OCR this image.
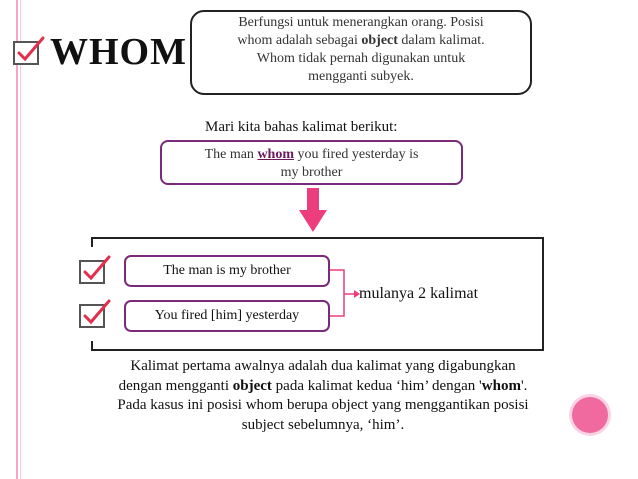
WHOM
Berfungsi untuk menerangkan orang. Posisi
whom adalah sebagai object dalam kalimat.
Whom tidak pernah digunakan untuk
mengganti subyek.
Mari kita bahas kalimat berikut:
The man whom you fired yesterday is
my brother
The man is my brother
You fired [him] yesterday
mulanya 2 kalimat
Kalimat pertama awalnya adalah dua kalimat yang digabungkan
dengan mengganti object pada kalimat kedua ‘him’ dengan 'whom'.
Pada kasus ini posisi whom berupa object yang menggantikan posisi
subject sebelumnya, ‘him’.
